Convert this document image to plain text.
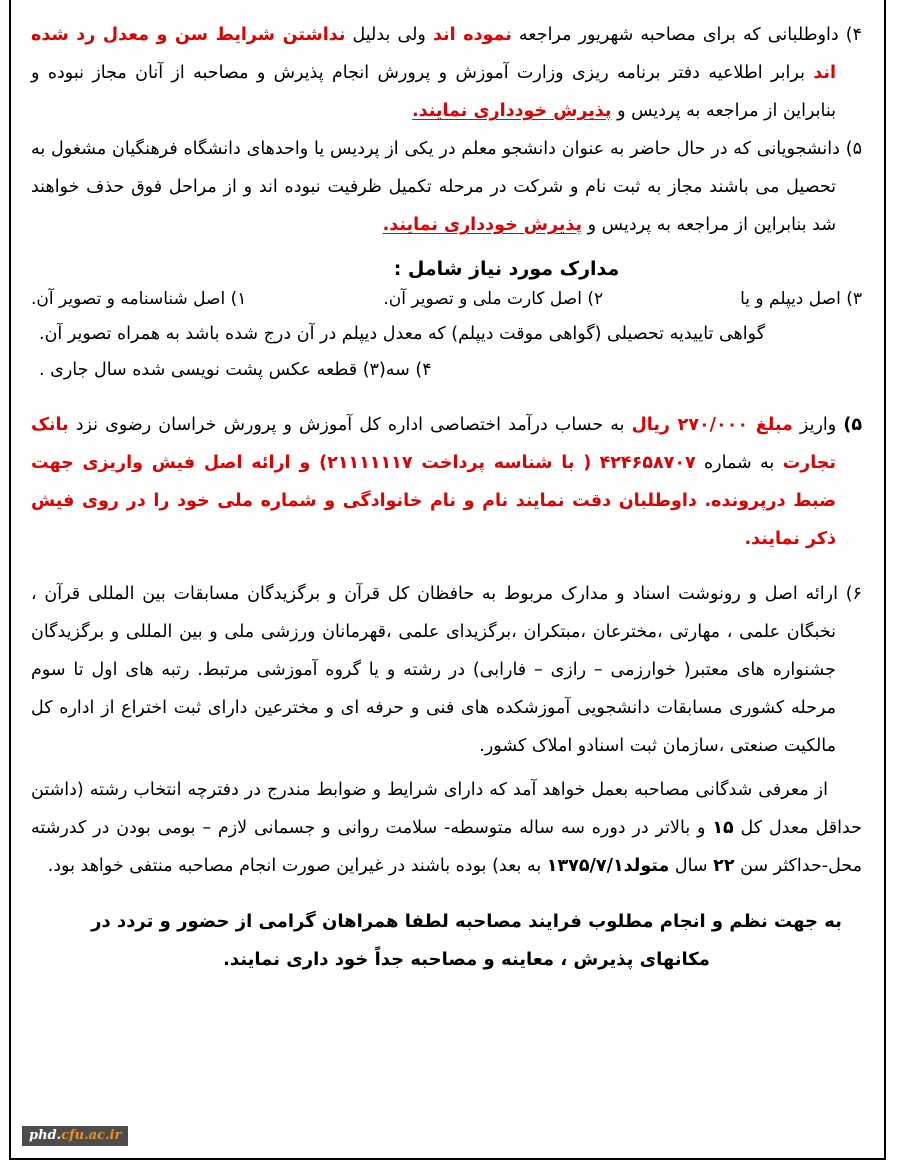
۴) داوطلبانی که برای مصاحبه شهریور مراجعه نموده اند ولی بدلیل نداشتن شرایط سن و معدل رد شده اند برابر اطلاعیه دفتر برنامه ریزی وزارت آموزش و پرورش انجام پذیرش و مصاحبه از آنان مجاز نبوده و بنابراین از مراجعه به پردیس و پذیرش خودداری نمایند.

۵) دانشجویانی که در حال حاضر به عنوان دانشجو معلم در یکی از پردیس یا واحدهای دانشگاه فرهنگیان مشغول به تحصیل می باشند مجاز به ثبت نام و شرکت در مرحله تکمیل ظرفیت نبوده اند و از مراحل فوق حذف خواهند شد بنابراین از مراجعه به پردیس و پذیرش خودداری نمایند.

مدارک مورد نیاز شامل :
۳) اصل دیپلم و یا
۲) اصل کارت ملی و تصویر آن.
۱) اصل شناسنامه و تصویر آن.
گواهی تاییدیه تحصیلی (گواهی موقت دیپلم) که معدل دیپلم در آن درج شده باشد به همراه تصویر آن.
۴) سه(۳) قطعه عکس پشت نویسی شده سال جاری .

۵) واریز مبلغ ۲۷۰/۰۰۰ ریال به حساب درآمد اختصاصی اداره کل آموزش و پرورش خراسان رضوی نزد بانک تجارت به شماره ۴۲۴۶۵۸۷۰۷ ( با شناسه پرداخت ۲۱۱۱۱۱۱۷) و ارائه اصل فیش واریزی جهت ضبط درپرونده. داوطلبان دقت نمایند نام و نام خانوادگی و شماره ملی خود را در روی فیش ذکر نمایند.

۶) ارائه اصل و رونوشت اسناد و مدارک مربوط به حافظان کل قرآن و برگزیدگان مسابقات بین المللی قرآن ، نخبگان علمی ، مهارتی ،مخترعان ،مبتکران ،برگزیدای علمی ،قهرمانان ورزشی ملی و بین المللی و برگزیدگان جشنواره های معتبر( خوارزمی – رازی – فارابی) در رشته و یا گروه آموزشی مرتبط. رتبه های اول تا سوم مرحله کشوری مسابقات دانشجویی آموزشکده های فنی و حرفه ای و مخترعین دارای ثبت اختراع از اداره کل مالکیت صنعتی ،سازمان ثبت اسنادو املاک کشور.

از معرفی شدگانی مصاحبه بعمل خواهد آمد که دارای شرایط و ضوابط مندرج در دفترچه انتخاب رشته (داشتن حداقل معدل کل ۱۵ و بالاتر در دوره سه ساله متوسطه- سلامت روانی و جسمانی لازم – بومی بودن در کدرشته محل-حداکثر سن ۲۲ سال متولد۱۳۷۵/۷/۱ به بعد) بوده باشند در غیراین صورت انجام مصاحبه منتفی خواهد بود.

به جهت نظم و انجام مطلوب فرایند مصاحبه لطفا همراهان گرامی از حضور و تردد در مکانهای پذیرش ، معاینه و مصاحبه جداً خود داری نمایند.
phd.cfu.ac.ir
